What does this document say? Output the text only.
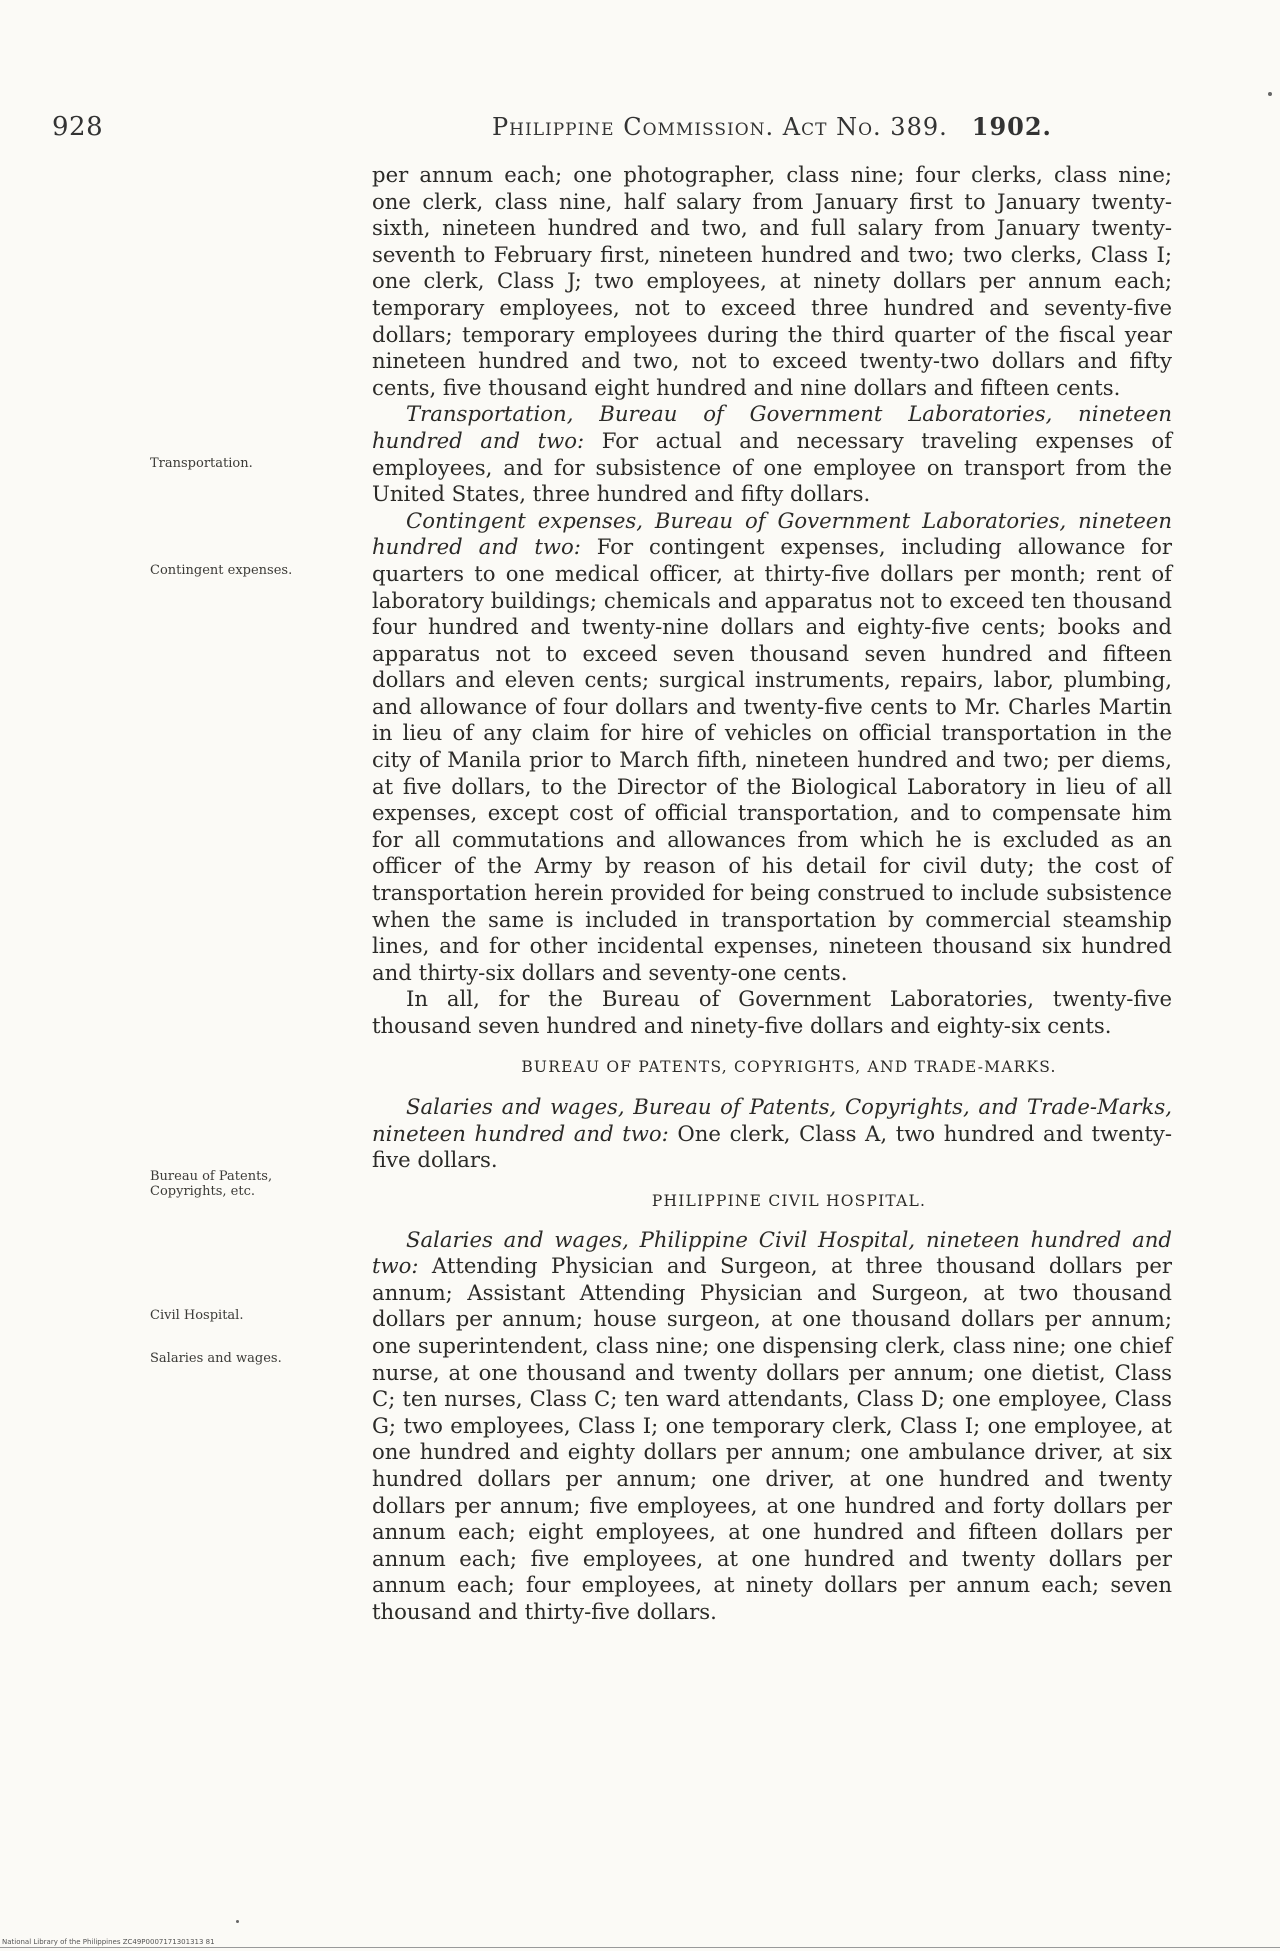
928	Philippine Commission. Act No. 389. 1902.
Transportation.
Contingent expenses.
Bureau of Patents,
Copyrights, etc.
Civil Hospital.
Salaries and wages.

per annum each; one photographer, class nine; four clerks, class nine; one clerk, class nine, half salary from January first to January twenty-sixth, nineteen hundred and two, and full salary from January twenty-seventh to February first, nineteen hundred and two; two clerks, Class I; one clerk, Class J; two employees, at ninety dollars per annum each; temporary employees, not to exceed three hundred and seventy-five dollars; temporary employees during the third quarter of the fiscal year nineteen hundred and two, not to exceed twenty-two dollars and fifty cents, five thousand eight hundred and nine dollars and fifteen cents.

Transportation, Bureau of Government Laboratories, nineteen hundred and two: For actual and necessary traveling expenses of employees, and for subsistence of one employee on transport from the United States, three hundred and fifty dollars.

Contingent expenses, Bureau of Government Laboratories, nineteen hundred and two: For contingent expenses, including allowance for quarters to one medical officer, at thirty-five dollars per month; rent of laboratory buildings; chemicals and apparatus not to exceed ten thousand four hundred and twenty-nine dollars and eighty-five cents; books and apparatus not to exceed seven thousand seven hundred and fifteen dollars and eleven cents; surgical instruments, repairs, labor, plumbing, and allowance of four dollars and twenty-five cents to Mr. Charles Martin in lieu of any claim for hire of vehicles on official transportation in the city of Manila prior to March fifth, nineteen hundred and two; per diems, at five dollars, to the Director of the Biological Laboratory in lieu of all expenses, except cost of official transportation, and to compensate him for all commutations and allowances from which he is excluded as an officer of the Army by reason of his detail for civil duty; the cost of transportation herein provided for being construed to include subsistence when the same is included in transportation by commercial steamship lines, and for other incidental expenses, nineteen thousand six hundred and thirty-six dollars and seventy-one cents.

In all, for the Bureau of Government Laboratories, twenty-five thousand seven hundred and ninety-five dollars and eighty-six cents.

BUREAU OF PATENTS, COPYRIGHTS, AND TRADE-MARKS.

Salaries and wages, Bureau of Patents, Copyrights, and Trade-Marks, nineteen hundred and two: One clerk, Class A, two hundred and twenty-five dollars.

PHILIPPINE CIVIL HOSPITAL.

Salaries and wages, Philippine Civil Hospital, nineteen hundred and two: Attending Physician and Surgeon, at three thousand dollars per annum; Assistant Attending Physician and Surgeon, at two thousand dollars per annum; house surgeon, at one thousand dollars per annum; one superintendent, class nine; one dispensing clerk, class nine; one chief nurse, at one thousand and twenty dollars per annum; one dietist, Class C; ten nurses, Class C; ten ward attendants, Class D; one employee, Class G; two employees, Class I; one temporary clerk, Class I; one employee, at one hundred and eighty dollars per annum; one ambulance driver, at six hundred dollars per annum; one driver, at one hundred and twenty dollars per annum; five employees, at one hundred and forty dollars per annum each; eight employees, at one hundred and fifteen dollars per annum each; five employees, at one hundred and twenty dollars per annum each; four employees, at ninety dollars per annum each; seven thousand and thirty-five dollars.

National Library of the Philippines ZC49P0007171301313 81
